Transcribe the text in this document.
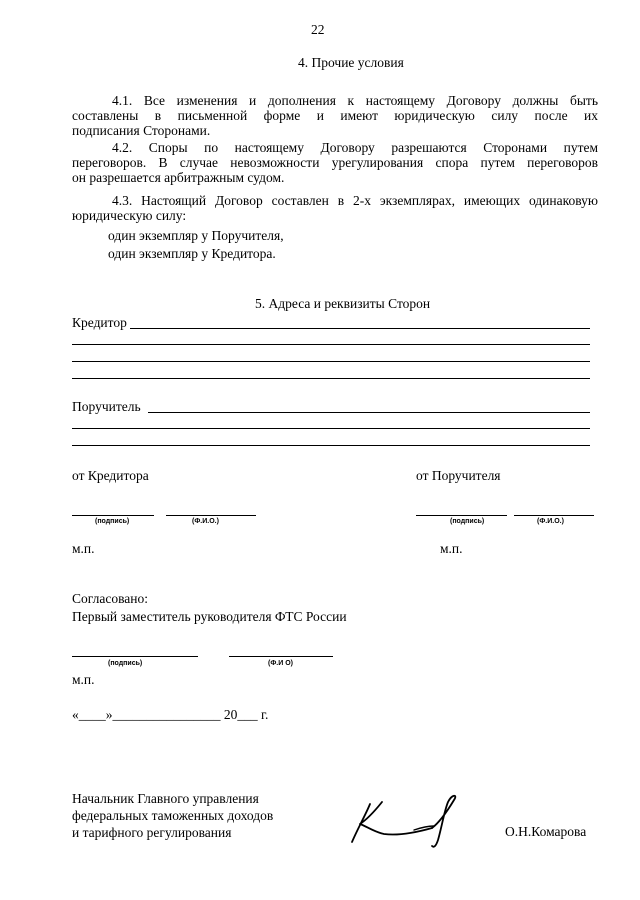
22
4. Прочие условия
4.1. Все изменения и дополнения к настоящему Договору должны быть
составлены в письменной форме и имеют юридическую силу после их
подписания Сторонами.
4.2. Споры по настоящему Договору разрешаются Сторонами путем
переговоров. В случае невозможности урегулирования спора путем переговоров
он разрешается арбитражным судом.
4.3. Настоящий Договор составлен в 2-х экземплярах, имеющих одинаковую
юридическую силу:
один экземпляр у Поручителя,
один экземпляр у Кредитора.
5. Адреса и реквизиты Сторон
Кредитор
Поручитель
от Кредитора	от Поручителя
(подпись)	(Ф.И.О.)	(подпись)	(Ф.И.О.)
м.п.	м.п.
Согласовано:
Первый заместитель руководителя ФТС России
(подпись)	(Ф.И О)
м.п.
«____»________________ 20___ г.
Начальник Главного управления
федеральных таможенных доходов
и тарифного регулирования	О.Н.Комарова
